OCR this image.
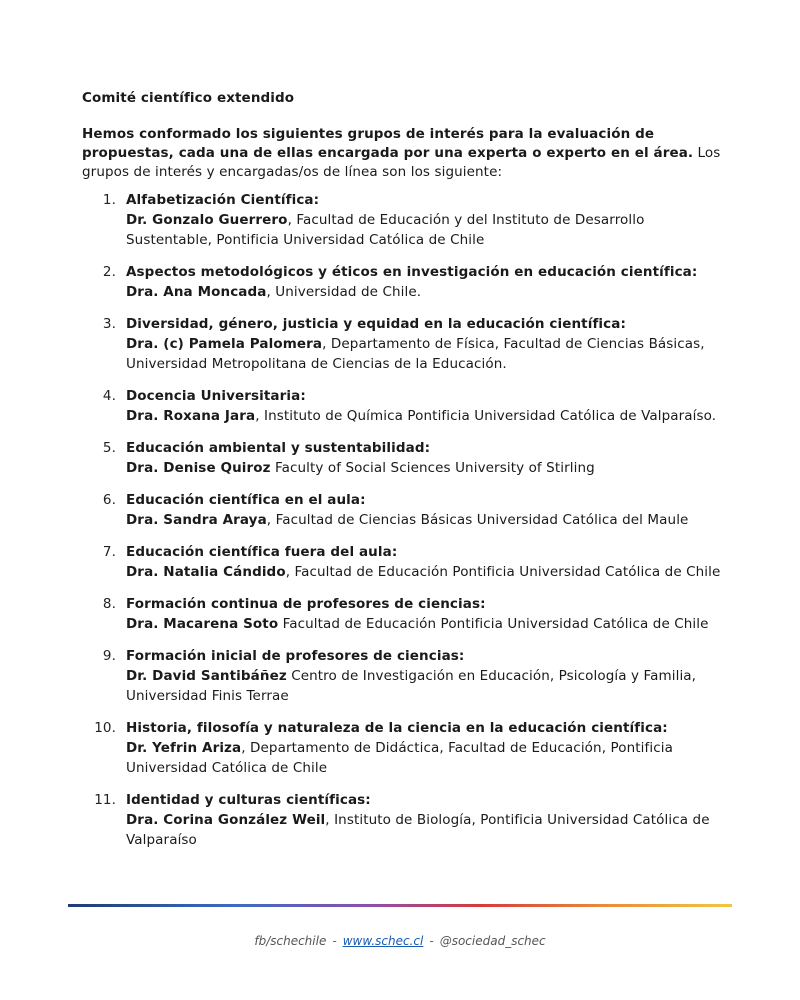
Comité científico extendido
Hemos conformado los siguientes grupos de interés para la evaluación de propuestas, cada una de ellas encargada por una experta o experto en el área. Los grupos de interés y encargadas/os de línea son los siguiente:
1. Alfabetización Científica:
Dr. Gonzalo Guerrero, Facultad de Educación y del Instituto de Desarrollo Sustentable, Pontificia Universidad Católica de Chile
2. Aspectos metodológicos y éticos en investigación en educación científica:
Dra. Ana Moncada, Universidad de Chile.
3. Diversidad, género, justicia y equidad en la educación científica:
Dra. (c) Pamela Palomera, Departamento de Física, Facultad de Ciencias Básicas, Universidad Metropolitana de Ciencias de la Educación.
4. Docencia Universitaria:
Dra. Roxana Jara, Instituto de Química Pontificia Universidad Católica de Valparaíso.
5. Educación ambiental y sustentabilidad:
Dra. Denise Quiroz Faculty of Social Sciences University of Stirling
6. Educación científica en el aula:
Dra. Sandra Araya, Facultad de Ciencias Básicas Universidad Católica del Maule
7. Educación científica fuera del aula:
Dra. Natalia Cándido, Facultad de Educación Pontificia Universidad Católica de Chile
8. Formación continua de profesores de ciencias:
Dra. Macarena Soto Facultad de Educación Pontificia Universidad Católica de Chile
9. Formación inicial de profesores de ciencias:
Dr. David Santibáñez Centro de Investigación en Educación, Psicología y Familia, Universidad Finis Terrae
10. Historia, filosofía y naturaleza de la ciencia en la educación científica:
Dr. Yefrin Ariza, Departamento de Didáctica, Facultad de Educación, Pontificia Universidad Católica de Chile
11. Identidad y culturas científicas:
Dra. Corina González Weil, Instituto de Biología, Pontificia Universidad Católica de Valparaíso
fb/schechile - www.schec.cl - @sociedad_schec
